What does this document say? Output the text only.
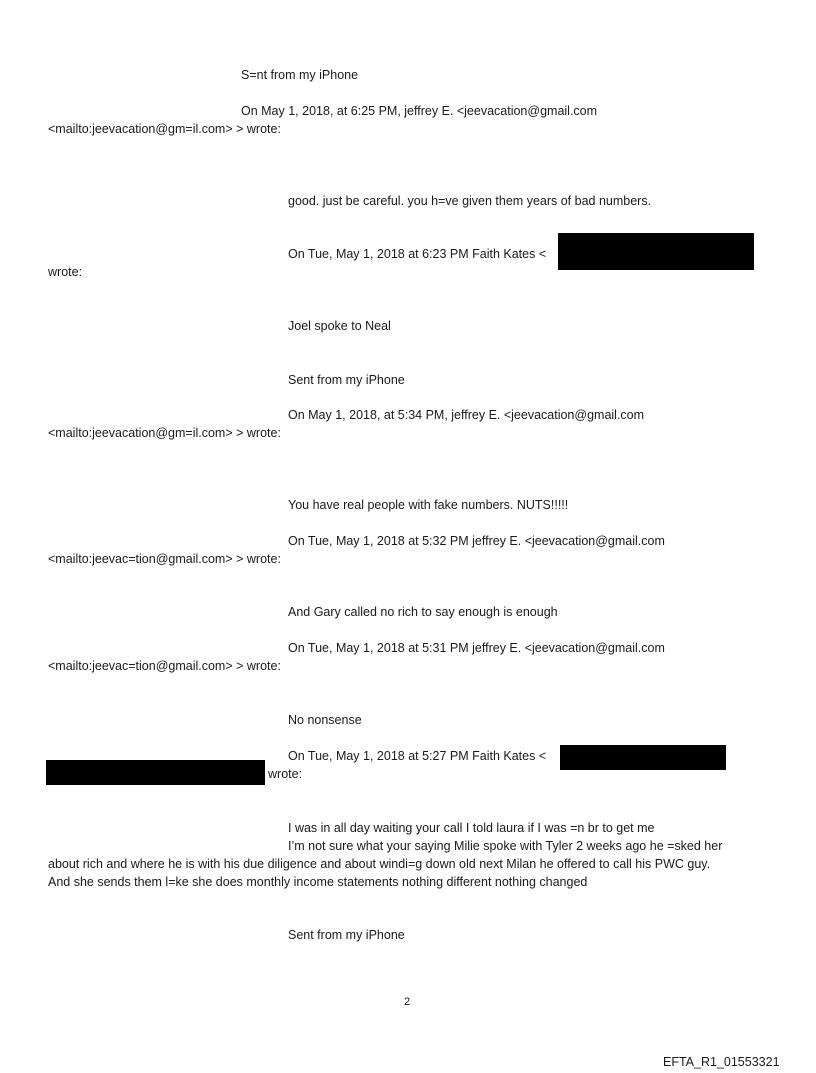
S=nt from my iPhone
On May 1, 2018, at 6:25 PM, jeffrey E. <jeevacation@gmail.com
<mailto:jeevacation@gm=il.com> > wrote:
good. just be careful. you h=ve given them years of bad numbers.
On Tue, May 1, 2018 at 6:23 PM Faith Kates <
wrote:
Joel spoke to Neal
Sent from my iPhone
On May 1, 2018, at 5:34 PM, jeffrey E. <jeevacation@gmail.com
<mailto:jeevacation@gm=il.com> > wrote:
You have real people with fake numbers. NUTS!!!!!
On Tue, May 1, 2018 at 5:32 PM jeffrey E. <jeevacation@gmail.com
<mailto:jeevac=tion@gmail.com> > wrote:
And Gary called no rich to say enough is enough
On Tue, May 1, 2018 at 5:31 PM jeffrey E. <jeevacation@gmail.com
<mailto:jeevac=tion@gmail.com> > wrote:
No nonsense
On Tue, May 1, 2018 at 5:27 PM Faith Kates <
wrote:
I was in all day waiting your call I told laura if I was =n br to get me
I’m not sure what your saying Milie spoke with Tyler 2 weeks ago he =sked her
about rich and where he is with his due diligence and about windi=g down old next Milan he offered to call his PWC guy.
And she sends them l=ke she does monthly income statements nothing different nothing changed
Sent from my iPhone
2
EFTA_R1_01553321
